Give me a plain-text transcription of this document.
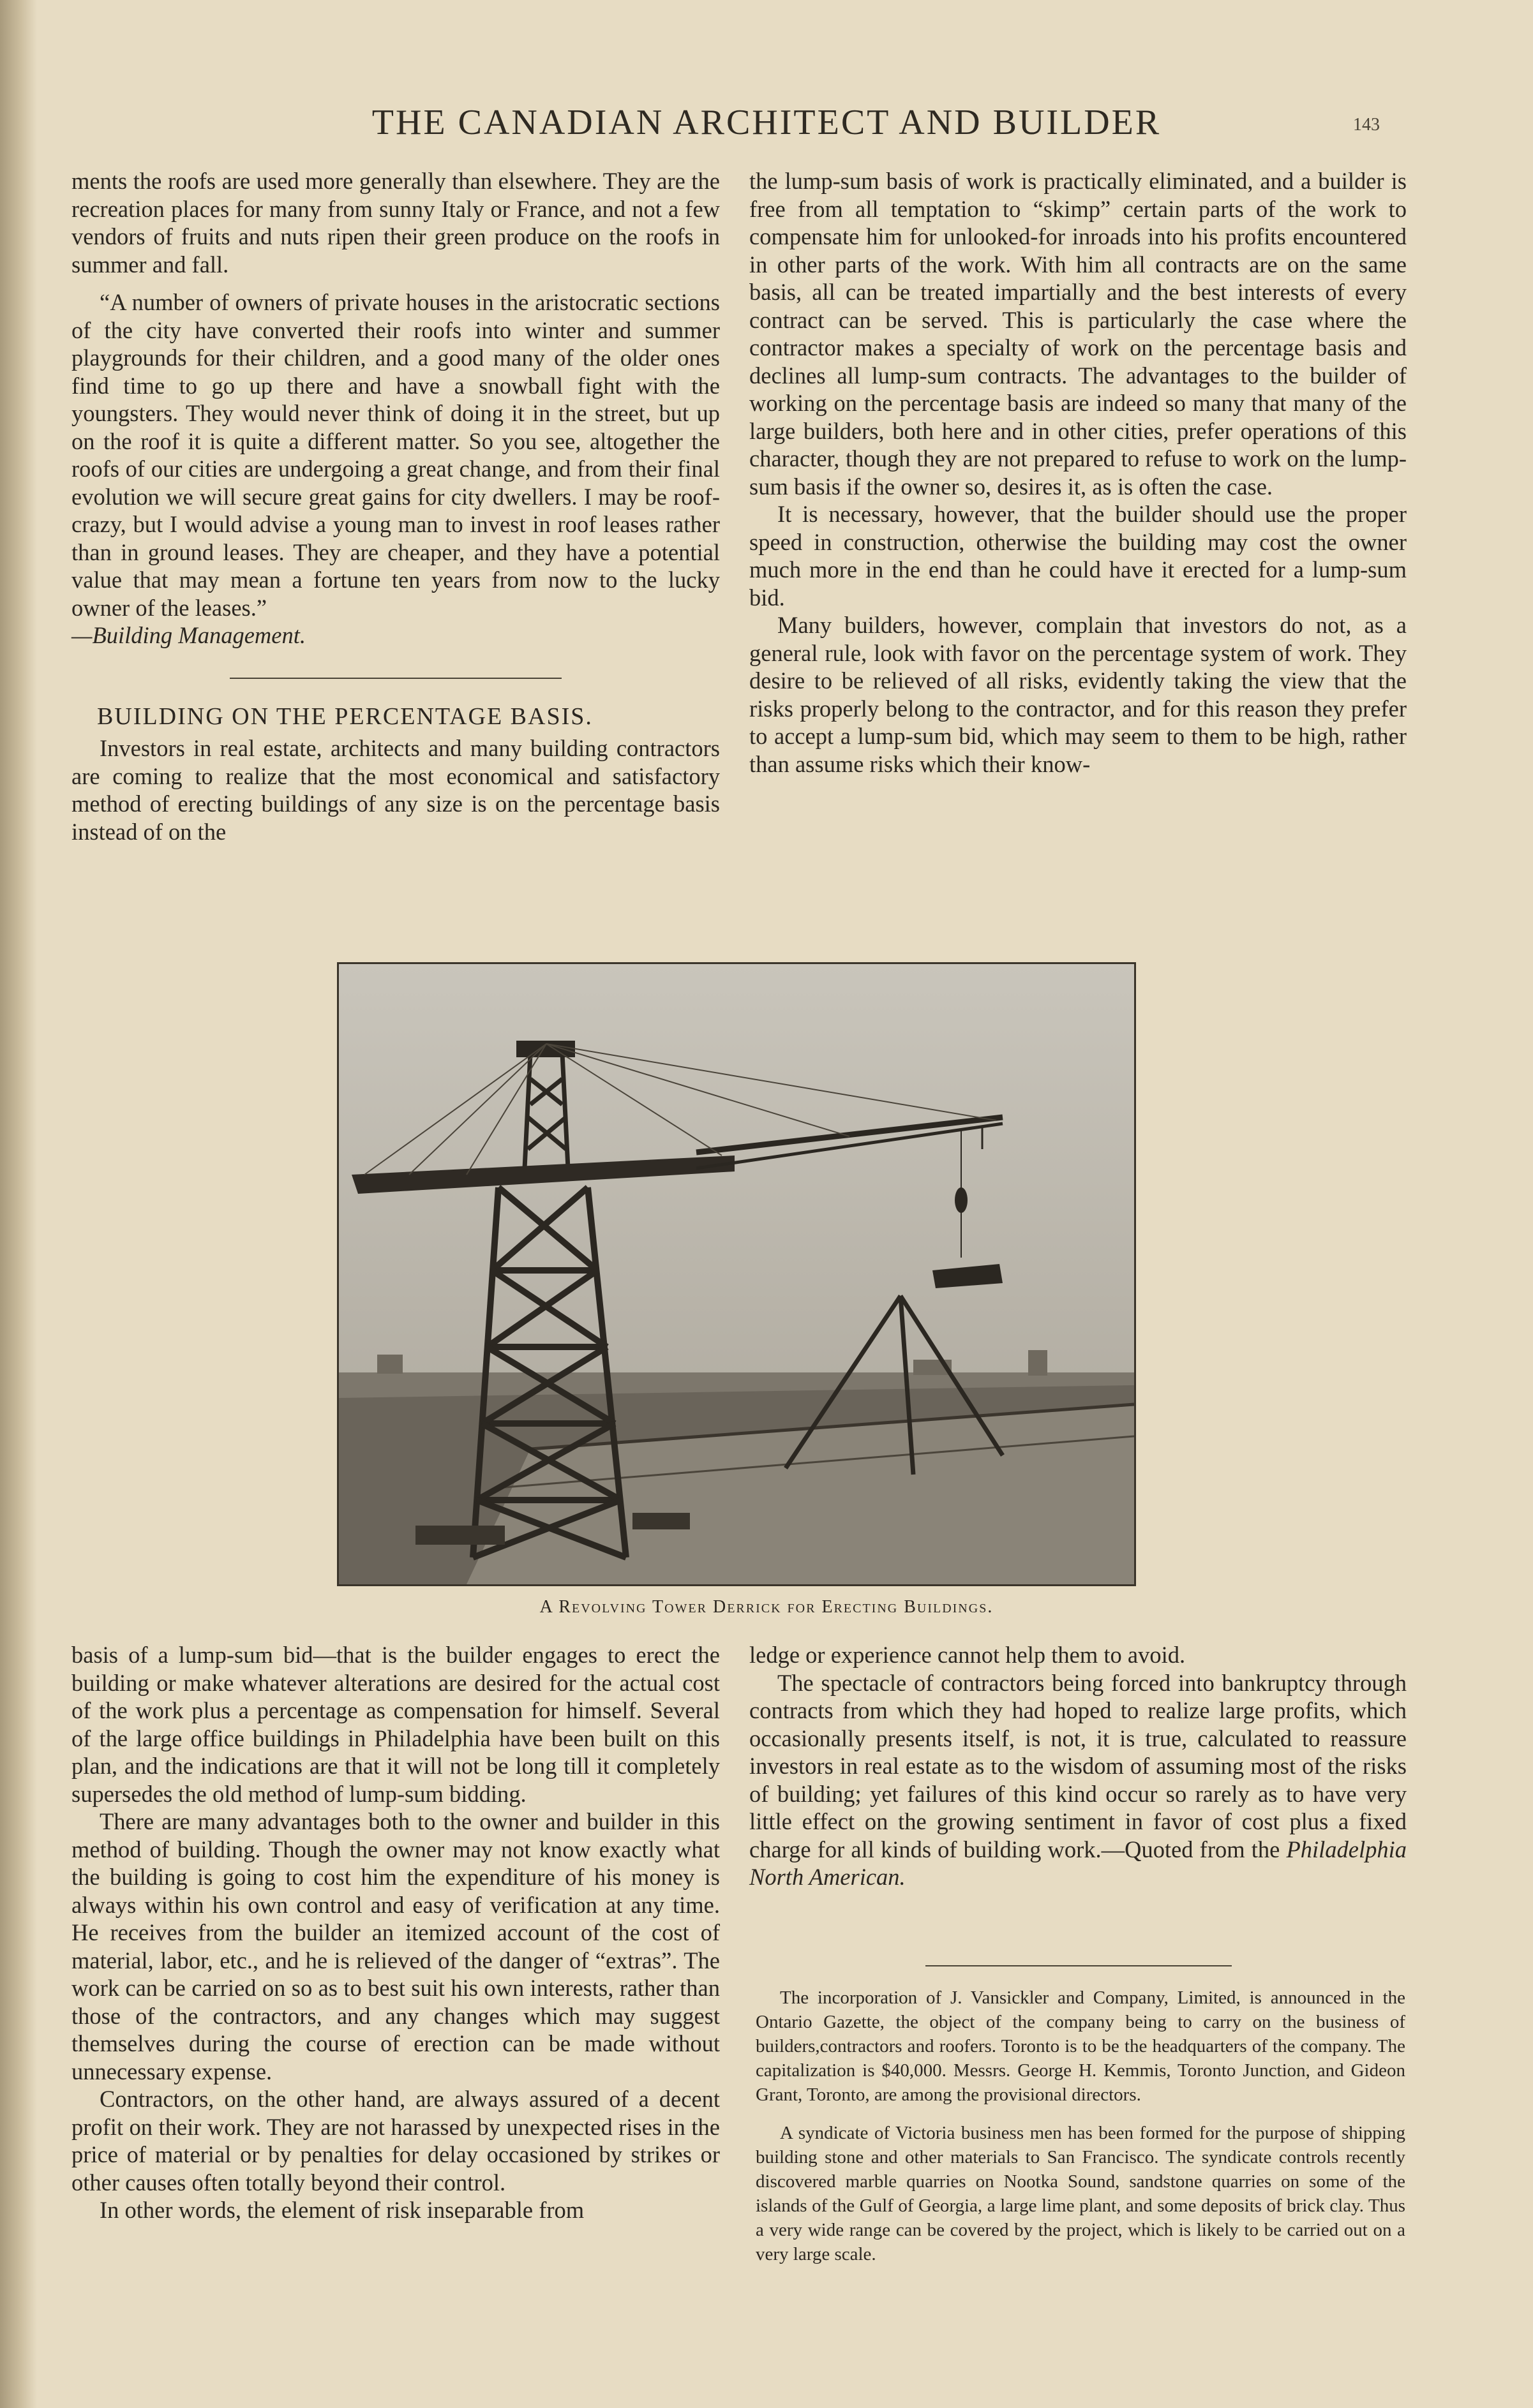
THE CANADIAN ARCHITECT AND BUILDER	143

ments the roofs are used more generally than elsewhere. They are the recreation places for many from sunny Italy or France, and not a few vendors of fruits and nuts ripen their green produce on the roofs in summer and fall.

“A number of owners of private houses in the aristocratic sections of the city have converted their roofs into winter and summer playgrounds for their children, and a good many of the older ones find time to go up there and have a snowball fight with the youngsters. They would never think of doing it in the street, but up on the roof it is quite a different matter. So you see, altogether the roofs of our cities are undergoing a great change, and from their final evolution we will secure great gains for city dwellers. I may be roof-crazy, but I would advise a young man to invest in roof leases rather than in ground leases. They are cheaper, and they have a potential value that may mean a fortune ten years from now to the lucky owner of the leases.”

—Building Management.

BUILDING ON THE PERCENTAGE BASIS.

Investors in real estate, architects and many building contractors are coming to realize that the most economical and satisfactory method of erecting buildings of any size is on the percentage basis instead of on the

the lump-sum basis of work is practically eliminated, and a builder is free from all temptation to “skimp” certain parts of the work to compensate him for unlooked-for inroads into his profits encountered in other parts of the work. With him all contracts are on the same basis, all can be treated impartially and the best interests of every contract can be served. This is particularly the case where the contractor makes a specialty of work on the percentage basis and declines all lump-sum contracts. The advantages to the builder of working on the percentage basis are indeed so many that many of the large builders, both here and in other cities, prefer operations of this character, though they are not prepared to refuse to work on the lump-sum basis if the owner so, desires it, as is often the case.

It is necessary, however, that the builder should use the proper speed in construction, otherwise the building may cost the owner much more in the end than he could have it erected for a lump-sum bid.

Many builders, however, complain that investors do not, as a general rule, look with favor on the percentage system of work. They desire to be relieved of all risks, evidently taking the view that the risks properly belong to the contractor, and for this reason they prefer to accept a lump-sum bid, which may seem to them to be high, rather than assume risks which their know-

A Revolving Tower Derrick for Erecting Buildings.

basis of a lump-sum bid—that is the builder engages to erect the building or make whatever alterations are desired for the actual cost of the work plus a percentage as compensation for himself. Several of the large office buildings in Philadelphia have been built on this plan, and the indications are that it will not be long till it completely supersedes the old method of lump-sum bidding.

There are many advantages both to the owner and builder in this method of building. Though the owner may not know exactly what the building is going to cost him the expenditure of his money is always within his own control and easy of verification at any time. He receives from the builder an itemized account of the cost of material, labor, etc., and he is relieved of the danger of “extras”. The work can be carried on so as to best suit his own interests, rather than those of the contractors, and any changes which may suggest themselves during the course of erection can be made without unnecessary expense.

Contractors, on the other hand, are always assured of a decent profit on their work. They are not harassed by unexpected rises in the price of material or by penalties for delay occasioned by strikes or other causes often totally beyond their control.

In other words, the element of risk inseparable from

ledge or experience cannot help them to avoid.

The spectacle of contractors being forced into bankruptcy through contracts from which they had hoped to realize large profits, which occasionally presents itself, is not, it is true, calculated to reassure investors in real estate as to the wisdom of assuming most of the risks of building; yet failures of this kind occur so rarely as to have very little effect on the growing sentiment in favor of cost plus a fixed charge for all kinds of building work.—Quoted from the Philadelphia North American.

The incorporation of J. Vansickler and Company, Limited, is announced in the Ontario Gazette, the object of the company being to carry on the business of builders,contractors and roofers. Toronto is to be the headquarters of the company. The capitalization is $40,000. Messrs. George H. Kemmis, Toronto Junction, and Gideon Grant, Toronto, are among the provisional directors.

A syndicate of Victoria business men has been formed for the purpose of shipping building stone and other materials to San Francisco. The syndicate controls recently discovered marble quarries on Nootka Sound, sandstone quarries on some of the islands of the Gulf of Georgia, a large lime plant, and some deposits of brick clay. Thus a very wide range can be covered by the project, which is likely to be carried out on a very large scale.
